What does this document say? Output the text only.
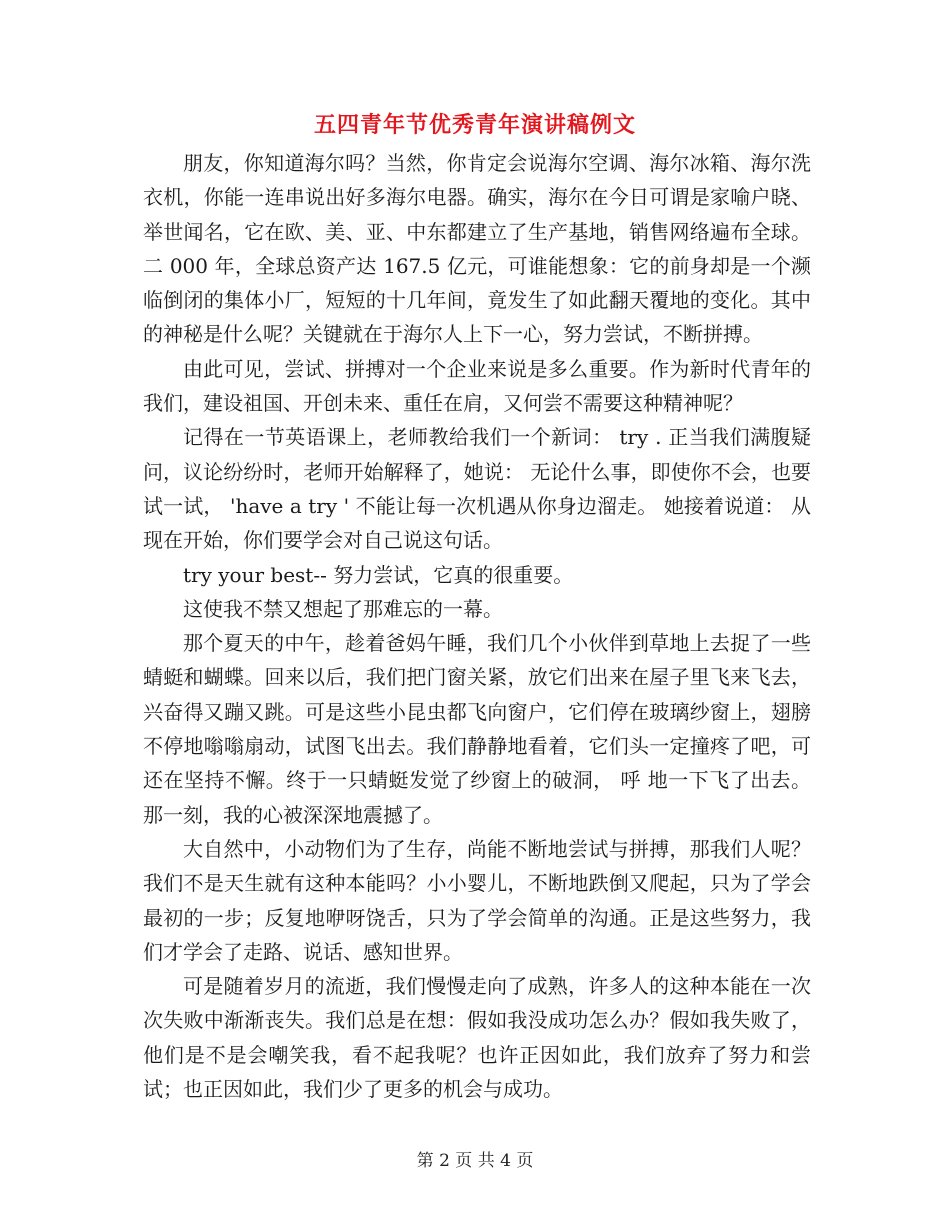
五四青年节优秀青年演讲稿例文

朋友，你知道海尔吗？当然，你肯定会说海尔空调、海尔冰箱、海尔洗衣机，你能一连串说出好多海尔电器。确实，海尔在今日可谓是家喻户晓、举世闻名，它在欧、美、亚、中东都建立了生产基地，销售网络遍布全球。二 000 年，全球总资产达 167.5 亿元，可谁能想象：它的前身却是一个濒临倒闭的集体小厂，短短的十几年间，竟发生了如此翻天覆地的变化。其中的神秘是什么呢？关键就在于海尔人上下一心，努力尝试，不断拼搏。

由此可见，尝试、拼搏对一个企业来说是多么重要。作为新时代青年的我们，建设祖国、开创未来、重任在肩，又何尝不需要这种精神呢？

记得在一节英语课上，老师教给我们一个新词： try . 正当我们满腹疑问，议论纷纷时，老师开始解释了，她说： 无论什么事，即使你不会，也要试一试， 'have a try ' 不能让每一次机遇从你身边溜走。 她接着说道： 从现在开始，你们要学会对自己说这句话。

try your best-- 努力尝试，它真的很重要。

这使我不禁又想起了那难忘的一幕。

那个夏天的中午，趁着爸妈午睡，我们几个小伙伴到草地上去捉了一些蜻蜓和蝴蝶。回来以后，我们把门窗关紧，放它们出来在屋子里飞来飞去，兴奋得又蹦又跳。可是这些小昆虫都飞向窗户，它们停在玻璃纱窗上，翅膀不停地嗡嗡扇动，试图飞出去。我们静静地看着，它们头一定撞疼了吧，可还在坚持不懈。终于一只蜻蜓发觉了纱窗上的破洞， 呼 地一下飞了出去。那一刻，我的心被深深地震撼了。

大自然中，小动物们为了生存，尚能不断地尝试与拼搏，那我们人呢？我们不是天生就有这种本能吗？小小婴儿，不断地跌倒又爬起，只为了学会最初的一步；反复地咿呀饶舌，只为了学会简单的沟通。正是这些努力，我们才学会了走路、说话、感知世界。

可是随着岁月的流逝，我们慢慢走向了成熟，许多人的这种本能在一次次失败中渐渐丧失。我们总是在想：假如我没成功怎么办？假如我失败了，他们是不是会嘲笑我，看不起我呢？也许正因如此，我们放弃了努力和尝试；也正因如此，我们少了更多的机会与成功。

第 2 页 共 4 页
